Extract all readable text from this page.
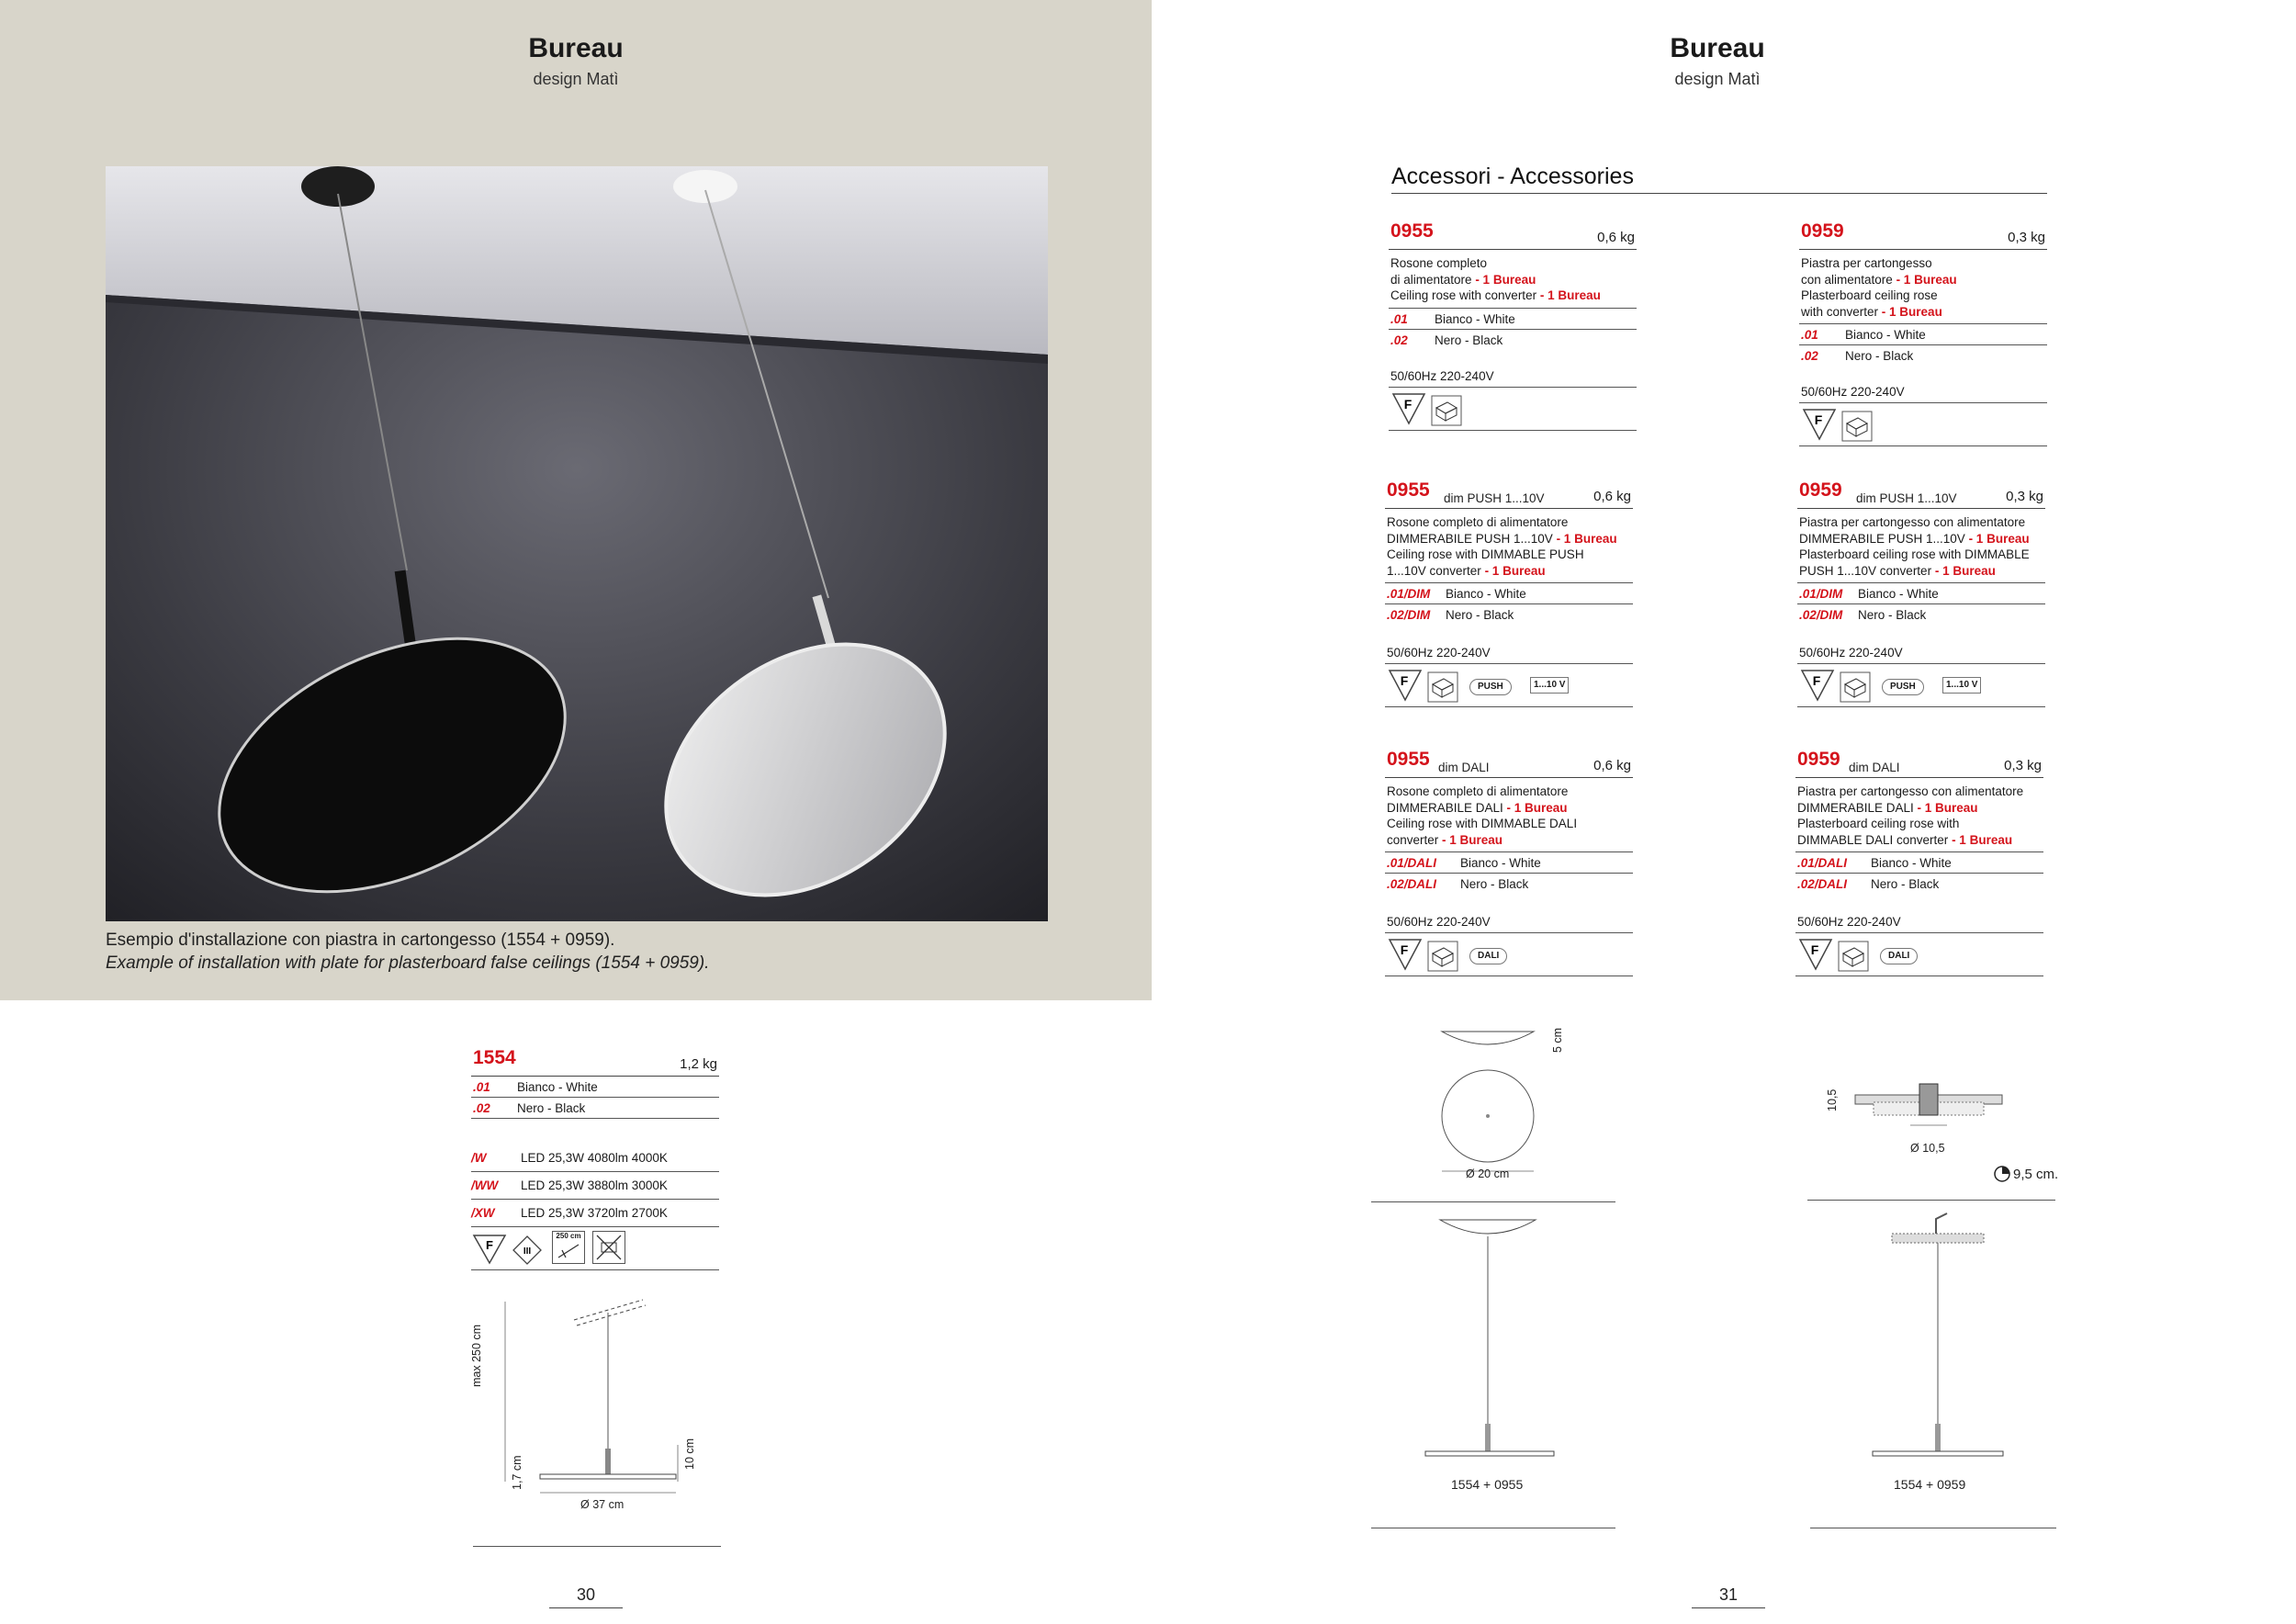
Bureau
design Matì
Esempio d'installazione con piastra in cartongesso (1554 + 0959).
Example of installation with plate for plasterboard false ceilings (1554 + 0959).
1554	1,2 kg
.01 Bianco - White
.02 Nero - Black
/W	LED 25,3W 4080lm 4000K
/WW LED 25,3W 3880lm 3000K
/XW LED 25,3W 3720lm 2700K
F	III
250 cm
max 250 cm
1,7 cm
10 cm
Ø 37 cm
30
Bureau
design Matì
Accessori - Accessories
0955	0,6 kg
Rosone completo
di alimentatore - 1 Bureau
Ceiling rose with converter - 1 Bureau
.01 Bianco - White
.02 Nero - Black
50/60Hz 220-240V
F
0959	0,3 kg
Piastra per cartongesso
con alimentatore - 1 Bureau
Plasterboard ceiling rose
with converter - 1 Bureau
.01 Bianco - White
.02 Nero - Black
50/60Hz 220-240V
F
0955 dim PUSH 1...10V	0,6 kg
Rosone completo di alimentatore
DIMMERABILE PUSH 1...10V - 1 Bureau
Ceiling rose with DIMMABLE PUSH
1...10V converter - 1 Bureau
.01/DIM Bianco - White
.02/DIM Nero - Black
50/60Hz 220-240V
F	PUSH	1...10 V
0959 dim PUSH 1...10V	0,3 kg
Piastra per cartongesso con alimentatore
DIMMERABILE PUSH 1...10V - 1 Bureau
Plasterboard ceiling rose with DIMMABLE
PUSH 1...10V converter - 1 Bureau
.01/DIM Bianco - White
.02/DIM Nero - Black
50/60Hz 220-240V
F	PUSH	1...10 V
0955 dim DALI	0,6 kg
Rosone completo di alimentatore
DIMMERABILE DALI - 1 Bureau
Ceiling rose with DIMMABLE DALI
converter - 1 Bureau
.01/DALI Bianco - White
.02/DALI Nero - Black
50/60Hz 220-240V
F	DALI
0959 dim DALI	0,3 kg
Piastra per cartongesso con alimentatore
DIMMERABILE DALI - 1 Bureau
Plasterboard ceiling rose with
DIMMABLE DALI converter - 1 Bureau
.01/DALI Bianco - White
.02/DALI Nero - Black
50/60Hz 220-240V
F	DALI
5 cm
Ø 20 cm
10,5
Ø 10,5
9,5 cm.
1554 + 0955	1554 + 0959
31
